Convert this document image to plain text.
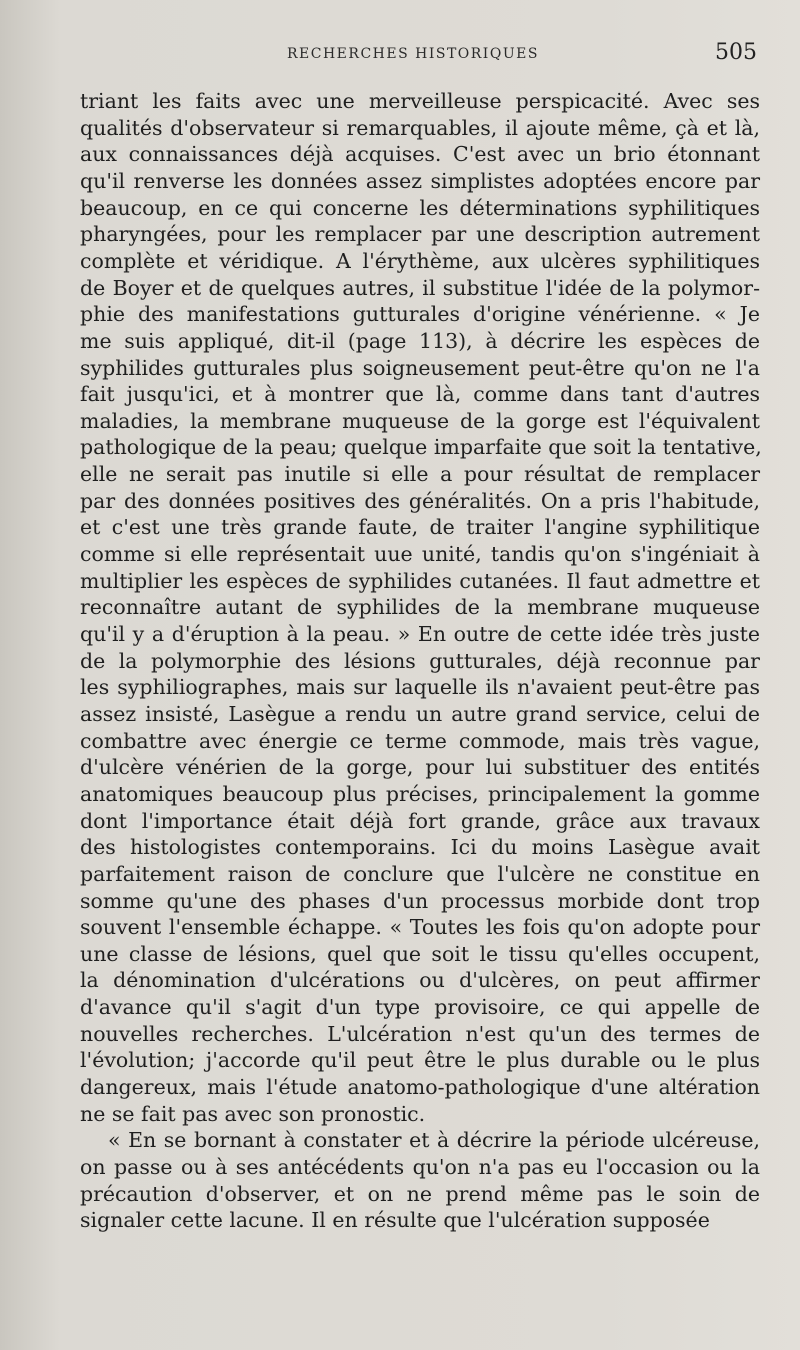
RECHERCHES HISTORIQUES	505
triant les faits avec une merveilleuse perspicacité. Avec ses
qualités d'observateur si remarquables, il ajoute même, çà et là,
aux connaissances déjà acquises. C'est avec un brio étonnant
qu'il renverse les données assez simplistes adoptées encore par
beaucoup, en ce qui concerne les déterminations syphilitiques
pharyngées, pour les remplacer par une description autrement
complète et véridique. A l'érythème, aux ulcères syphilitiques
de Boyer et de quelques autres, il substitue l'idée de la polymor-
phie des manifestations gutturales d'origine vénérienne. « Je
me suis appliqué, dit-il (page 113), à décrire les espèces de
syphilides gutturales plus soigneusement peut-être qu'on ne l'a
fait jusqu'ici, et à montrer que là, comme dans tant d'autres
maladies, la membrane muqueuse de la gorge est l'équivalent
pathologique de la peau; quelque imparfaite que soit la tentative,
elle ne serait pas inutile si elle a pour résultat de remplacer
par des données positives des généralités. On a pris l'habitude,
et c'est une très grande faute, de traiter l'angine syphilitique
comme si elle représentait uue unité, tandis qu'on s'ingéniait à
multiplier les espèces de syphilides cutanées. Il faut admettre et
reconnaître autant de syphilides de la membrane muqueuse
qu'il y a d'éruption à la peau. » En outre de cette idée très juste
de la polymorphie des lésions gutturales, déjà reconnue par
les syphiliographes, mais sur laquelle ils n'avaient peut-être pas
assez insisté, Lasègue a rendu un autre grand service, celui de
combattre avec énergie ce terme commode, mais très vague,
d'ulcère vénérien de la gorge, pour lui substituer des entités
anatomiques beaucoup plus précises, principalement la gomme
dont l'importance était déjà fort grande, grâce aux travaux
des histologistes contemporains. Ici du moins Lasègue avait
parfaitement raison de conclure que l'ulcère ne constitue en
somme qu'une des phases d'un processus morbide dont trop
souvent l'ensemble échappe. « Toutes les fois qu'on adopte pour
une classe de lésions, quel que soit le tissu qu'elles occupent,
la dénomination d'ulcérations ou d'ulcères, on peut affirmer
d'avance qu'il s'agit d'un type provisoire, ce qui appelle de
nouvelles recherches. L'ulcération n'est qu'un des termes de
l'évolution; j'accorde qu'il peut être le plus durable ou le plus
dangereux, mais l'étude anatomo-pathologique d'une altération
ne se fait pas avec son pronostic.
« En se bornant à constater et à décrire la période ulcéreuse,
on passe ou à ses antécédents qu'on n'a pas eu l'occasion ou la
précaution d'observer, et on ne prend même pas le soin de
signaler cette lacune. Il en résulte que l'ulcération supposée
